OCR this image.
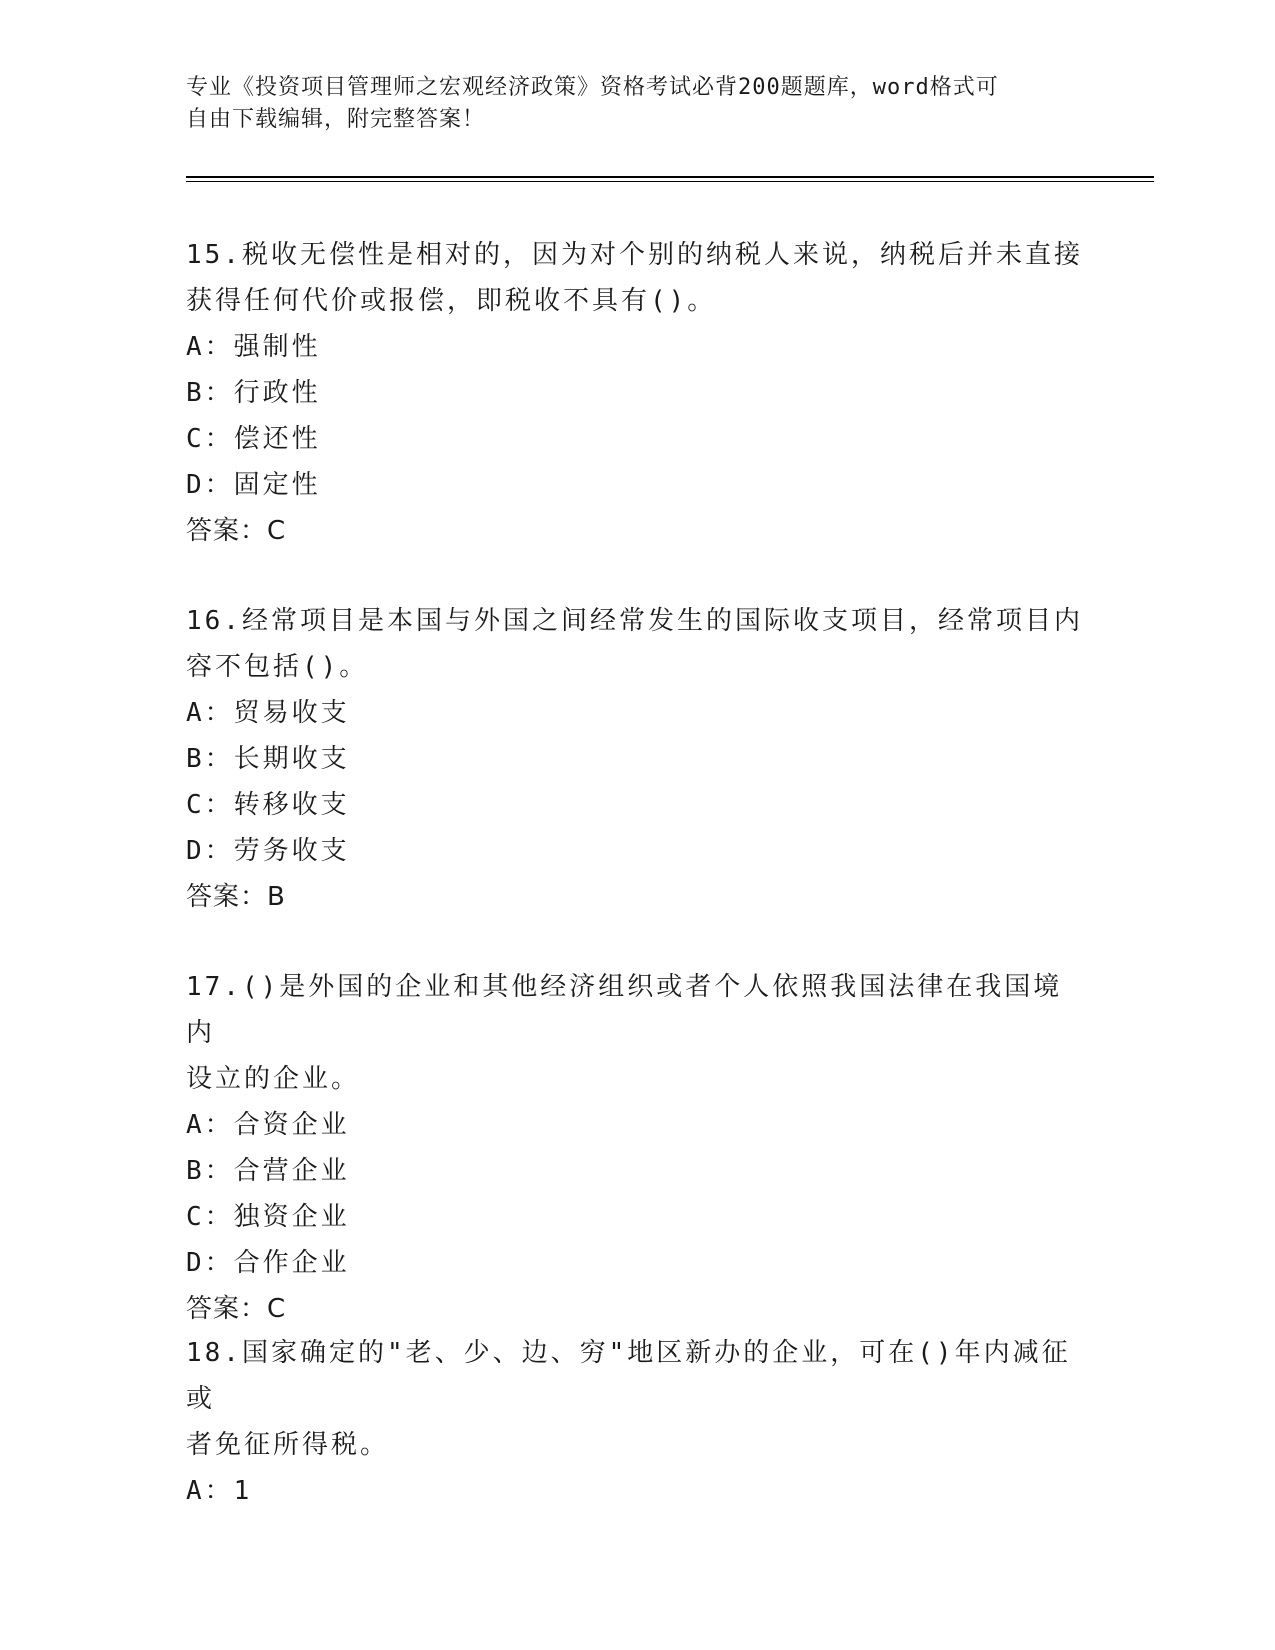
专业《投资项目管理师之宏观经济政策》资格考试必背200题题库，word格式可
自由下载编辑，附完整答案！
15.税收无偿性是相对的，因为对个别的纳税人来说，纳税后并未直接
获得任何代价或报偿，即税收不具有()。
A：强制性
B：行政性
C：偿还性
D：固定性
答案：C
16.经常项目是本国与外国之间经常发生的国际收支项目，经常项目内
容不包括()。
A：贸易收支
B：长期收支
C：转移收支
D：劳务收支
答案：B
17.()是外国的企业和其他经济组织或者个人依照我国法律在我国境内
设立的企业。
A：合资企业
B：合营企业
C：独资企业
D：合作企业
答案：C
18.国家确定的"老、少、边、穷"地区新办的企业，可在()年内减征或
者免征所得税。
A：1
